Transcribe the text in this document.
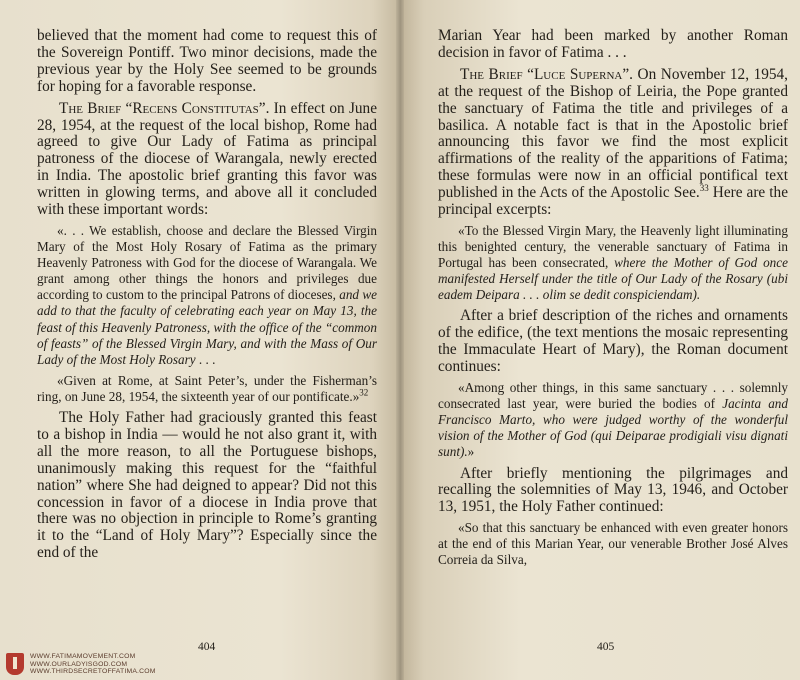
believed that the moment had come to request this of the Sovereign Pontiff. Two minor decisions, made the previous year by the Holy See seemed to be grounds for hoping for a favorable response.

The Brief “Recens Constitutas”. In effect on June 28, 1954, at the request of the local bishop, Rome had agreed to give Our Lady of Fatima as principal patroness of the diocese of Warangala, newly erected in India. The apostolic brief granting this favor was written in glowing terms, and above all it concluded with these important words:

«. . . We establish, choose and declare the Blessed Virgin Mary of the Most Holy Rosary of Fatima as the primary Heavenly Patroness with God for the diocese of Warangala. We grant among other things the honors and privileges due according to custom to the principal Patrons of dioceses, and we add to that the faculty of celebrating each year on May 13, the feast of this Heavenly Patroness, with the office of the “common of feasts” of the Blessed Virgin Mary, and with the Mass of Our Lady of the Most Holy Rosary . . .

«Given at Rome, at Saint Peter’s, under the Fisherman’s ring, on June 28, 1954, the sixteenth year of our pontificate.»$^{32}$

The Holy Father had graciously granted this feast to a bishop in India — would he not also grant it, with all the more reason, to all the Portuguese bishops, unanimously making this request for the “faithful nation” where She had deigned to appear? Did not this concession in favor of a diocese in India prove that there was no objection in principle to Rome’s granting it to the “Land of Holy Mary”? Especially since the end of the

404
WWW.FATIMAMOVEMENT.COM
WWW.OURLADYISGOD.COM
WWW.THIRDSECRETOFFATIMA.COM

Marian Year had been marked by another Roman decision in favor of Fatima . . .

The Brief “Luce Superna”. On November 12, 1954, at the request of the Bishop of Leiria, the Pope granted the sanctuary of Fatima the title and privileges of a basilica. A notable fact is that in the Apostolic brief announcing this favor we find the most explicit affirmations of the reality of the apparitions of Fatima; these formulas were now in an official pontifical text published in the Acts of the Apostolic See.$^{33}$ Here are the principal excerpts:

«To the Blessed Virgin Mary, the Heavenly light illuminating this benighted century, the venerable sanctuary of Fatima in Portugal has been consecrated, where the Mother of God once manifested Herself under the title of Our Lady of the Rosary (ubi eadem Deipara . . . olim se dedit conspiciendam).

After a brief description of the riches and ornaments of the edifice, (the text mentions the mosaic representing the Immaculate Heart of Mary), the Roman document continues:

«Among other things, in this same sanctuary . . . solemnly consecrated last year, were buried the bodies of Jacinta and Francisco Marto, who were judged worthy of the wonderful vision of the Mother of God (qui Deiparae prodigiali visu dignati sunt).»

After briefly mentioning the pilgrimages and recalling the solemnities of May 13, 1946, and October 13, 1951, the Holy Father continued:

«So that this sanctuary be enhanced with even greater honors at the end of this Marian Year, our venerable Brother José Alves Correia da Silva,

405
